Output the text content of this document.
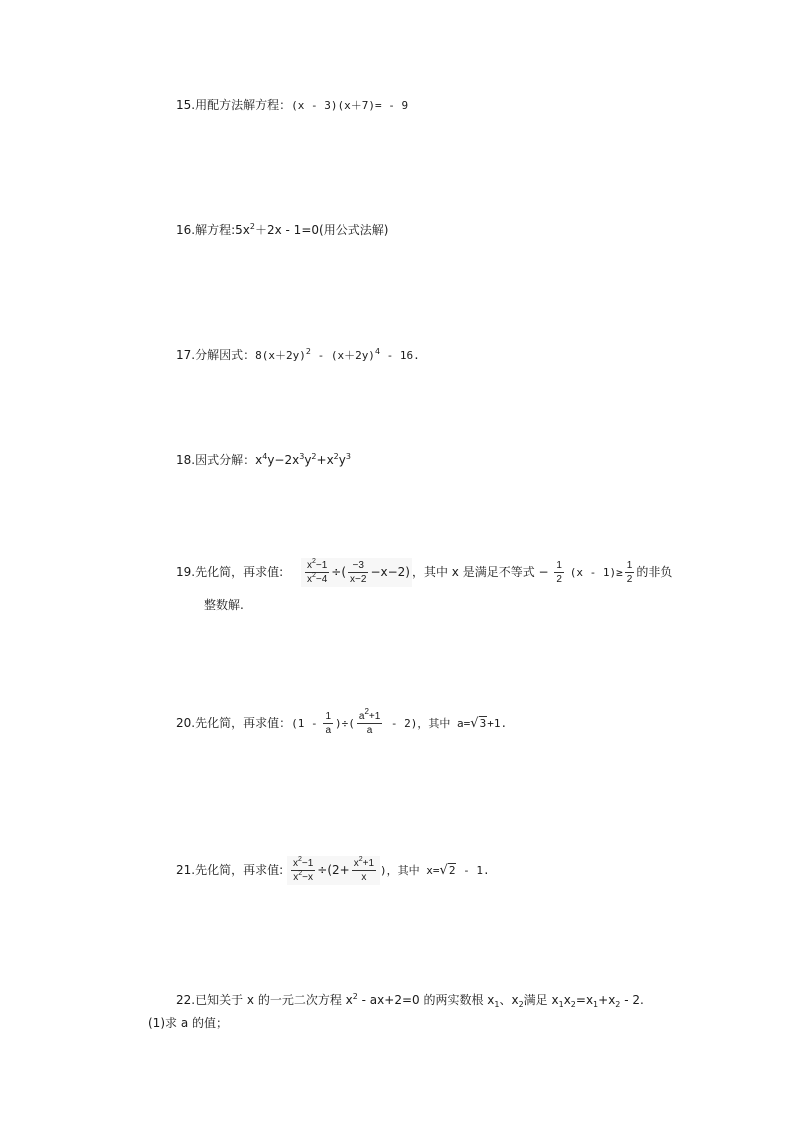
15.用配方法解方程：(x - 3)(x＋7)= - 9
16.解方程$:5x^2+2x - 1=0$(用公式法解)
17.分解因式：$8(x+2y)^2 - (x+2y)^4 - 16$.
18.因式分解：$x^4y-2x^3y^2+x^2y^3$
19.先化简，再求值: $\frac{x^2-1}{x^2-4}$ ÷( $\frac{-3}{x-2} -x-2$) ，其中 x 是满足不等式 − $\frac{1}{2} (x - 1)\ge \frac{1}{2}$ 的非负
整数解.
20.先化简，再求值：($1 - \frac{1}{a}$ )÷( $\frac{a^2+1}{a} - 2$)，其中 a=√3+1.
21.先化简，再求值: $\frac{x^2-1}{x^2-x} \div(2+ \frac{x^2+1}{x}$ )，其中 x=√2 - 1.
22.已知关于 x 的一元二次方程 $x^2 - ax+2=0$ 的两实数根 $x_1$、$x_2$满足 $x_1x_2=x_1+x_2 - 2$.
(1)求 a 的值；
